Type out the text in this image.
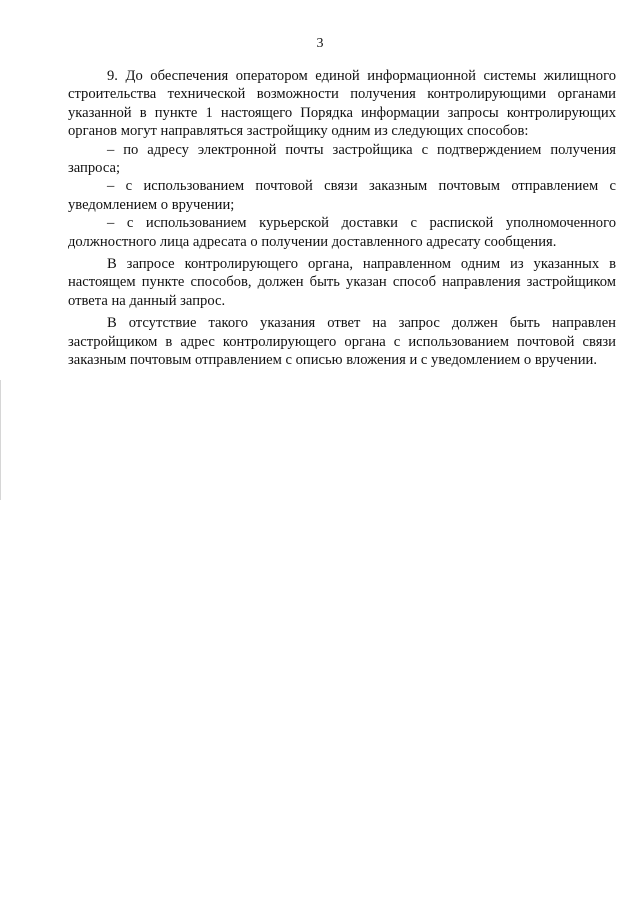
3

9. До обеспечения оператором единой информационной системы жилищного строительства технической возможности получения контролирующими органами указанной в пункте 1 настоящего Порядка информации запросы контролирующих органов могут направляться застройщику одним из следующих способов:

– по адресу электронной почты застройщика с подтверждением получения запроса;

– с использованием почтовой связи заказным почтовым отправлением с уведомлением о вручении;

– с использованием курьерской доставки с распиской уполномоченного должностного лица адресата о получении доставленного адресату сообщения.

В запросе контролирующего органа, направленном одним из указанных в настоящем пункте способов, должен быть указан способ направления застройщиком ответа на данный запрос.

В отсутствие такого указания ответ на запрос должен быть направлен застройщиком в адрес контролирующего органа с использованием почтовой связи заказным почтовым отправлением с описью вложения и с уведомлением о вручении.
